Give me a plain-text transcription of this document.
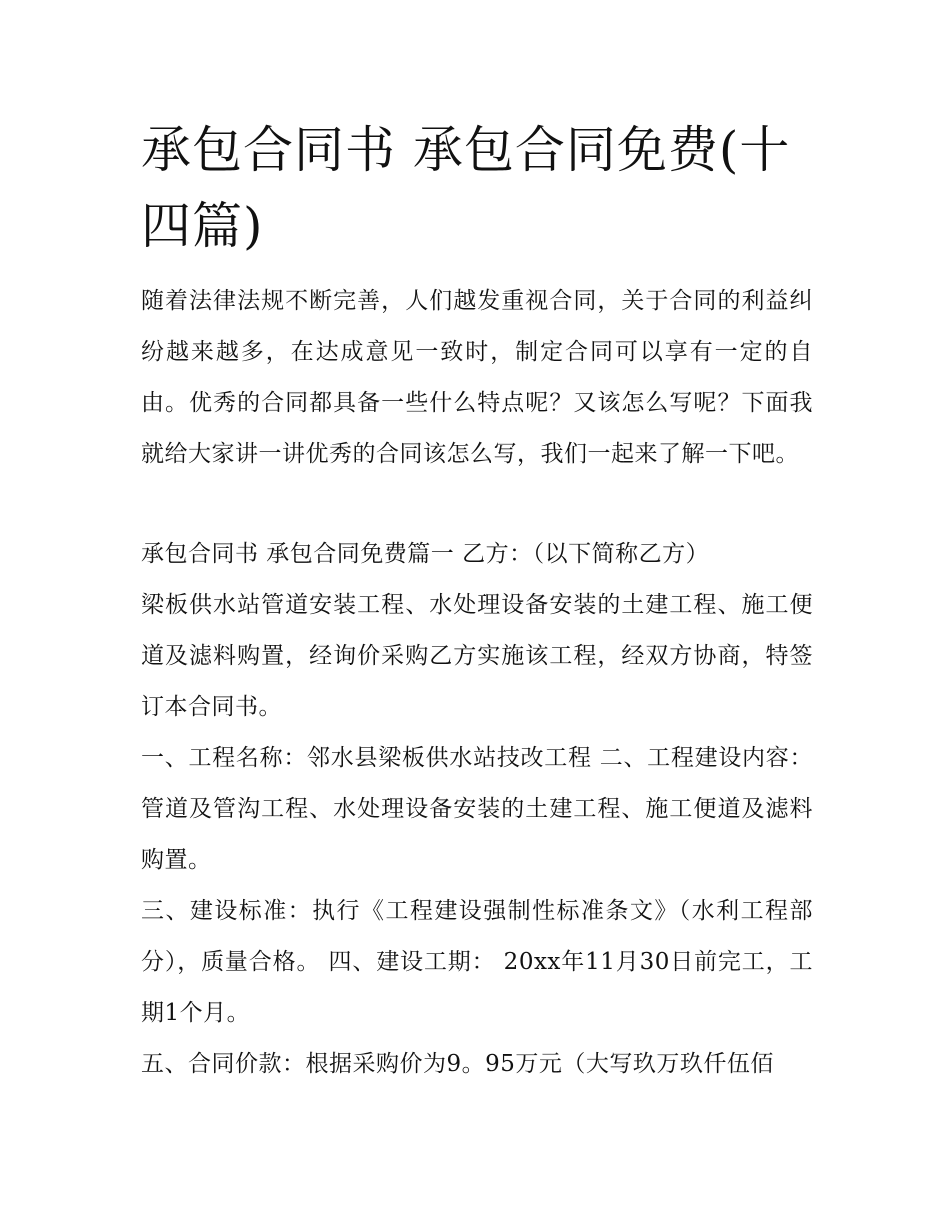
承包合同书 承包合同免费(十四篇)

随着法律法规不断完善，人们越发重视合同，关于合同的利益纠纷越来越多，在达成意见一致时，制定合同可以享有一定的自由。优秀的合同都具备一些什么特点呢？又该怎么写呢？下面我就给大家讲一讲优秀的合同该怎么写，我们一起来了解一下吧。

承包合同书 承包合同免费篇一 乙方：（以下简称乙方）

梁板供水站管道安装工程、水处理设备安装的土建工程、施工便道及滤料购置，经询价采购乙方实施该工程，经双方协商，特签订本合同书。

一、工程名称：邻水县梁板供水站技改工程 二、工程建设内容：管道及管沟工程、水处理设备安装的土建工程、施工便道及滤料购置。

三、建设标准：执行《工程建设强制性标准条文》（水利工程部分），质量合格。 四、建设工期： 20xx年11月30日前完工，工期1个月。

五、合同价款：根据采购价为9。95万元（大写玖万玖仟伍佰
